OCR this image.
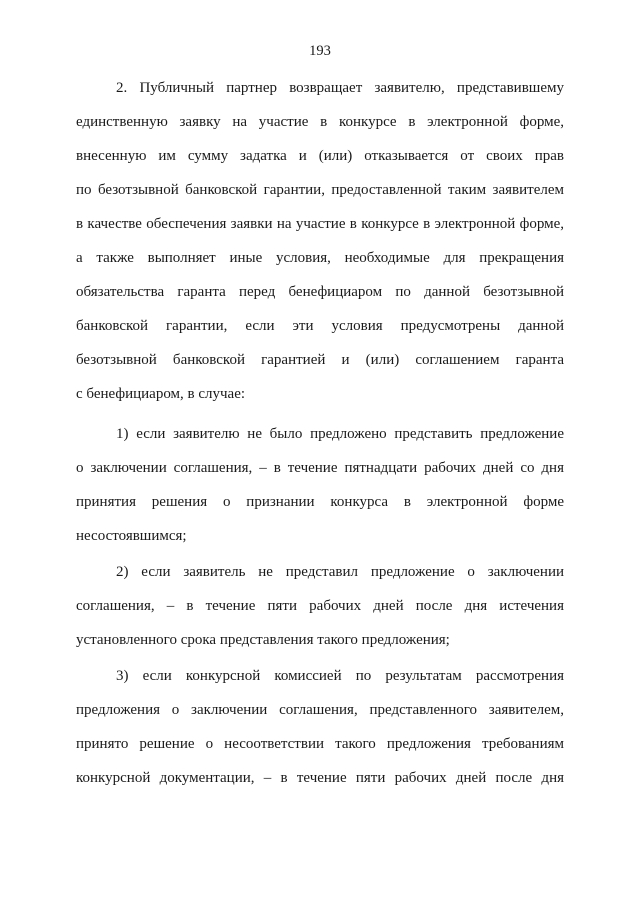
193
2. Публичный партнер возвращает заявителю, представившему
единственную заявку на участие в конкурсе в электронной форме,
внесенную им сумму задатка и (или) отказывается от своих прав
по безотзывной банковской гарантии, предоставленной таким заявителем
в качестве обеспечения заявки на участие в конкурсе в электронной форме,
а также выполняет иные условия, необходимые для прекращения
обязательства гаранта перед бенефициаром по данной безотзывной
банковской гарантии, если эти условия предусмотрены данной
безотзывной банковской гарантией и (или) соглашением гаранта
с бенефициаром, в случае:
1) если заявителю не было предложено представить предложение
о заключении соглашения, – в течение пятнадцати рабочих дней со дня
принятия решения о признании конкурса в электронной форме
несостоявшимся;
2) если заявитель не представил предложение о заключении
соглашения, – в течение пяти рабочих дней после дня истечения
установленного срока представления такого предложения;
3) если конкурсной комиссией по результатам рассмотрения
предложения о заключении соглашения, представленного заявителем,
принято решение о несоответствии такого предложения требованиям
конкурсной документации, – в течение пяти рабочих дней после дня
